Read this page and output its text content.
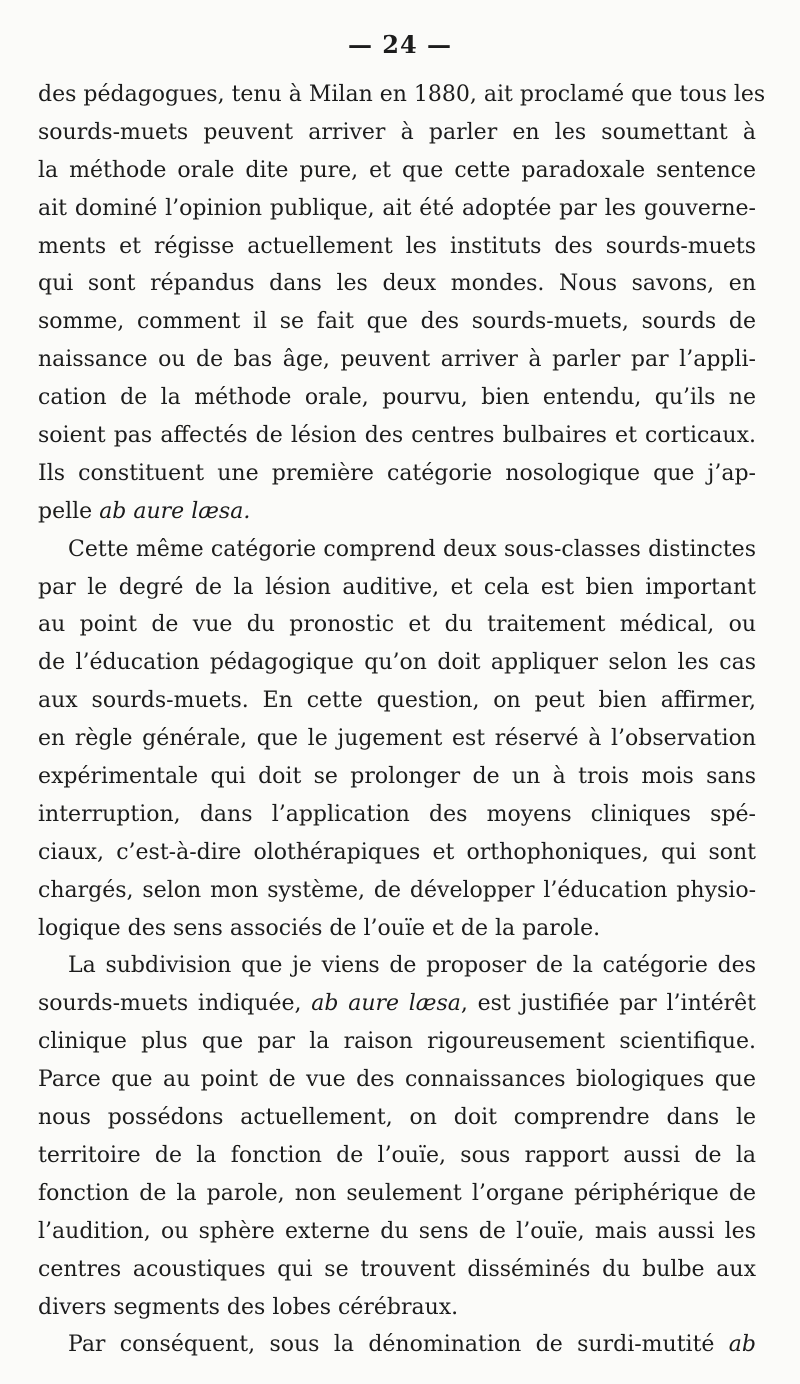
— 24 —
des pédagogues, tenu à Milan en 1880, ait proclamé que tous les
sourds-muets peuvent arriver à parler en les soumettant à
la méthode orale dite pure, et que cette paradoxale sentence
ait dominé l’opinion publique, ait été adoptée par les gouverne-
ments et régisse actuellement les instituts des sourds-muets
qui sont répandus dans les deux mondes. Nous savons, en
somme, comment il se fait que des sourds-muets, sourds de
naissance ou de bas âge, peuvent arriver à parler par l’appli-
cation de la méthode orale, pourvu, bien entendu, qu’ils ne
soient pas affectés de lésion des centres bulbaires et corticaux.
Ils constituent une première catégorie nosologique que j’ap-
pelle ab aure læsa.
Cette même catégorie comprend deux sous-classes distinctes
par le degré de la lésion auditive, et cela est bien important
au point de vue du pronostic et du traitement médical, ou
de l’éducation pédagogique qu’on doit appliquer selon les cas
aux sourds-muets. En cette question, on peut bien affirmer,
en règle générale, que le jugement est réservé à l’observation
expérimentale qui doit se prolonger de un à trois mois sans
interruption, dans l’application des moyens cliniques spé-
ciaux, c’est-à-dire olothérapiques et orthophoniques, qui sont
chargés, selon mon système, de développer l’éducation physio-
logique des sens associés de l’ouïe et de la parole.
La subdivision que je viens de proposer de la catégorie des
sourds-muets indiquée, ab aure læsa, est justifiée par l’intérêt
clinique plus que par la raison rigoureusement scientifique.
Parce que au point de vue des connaissances biologiques que
nous possédons actuellement, on doit comprendre dans le
territoire de la fonction de l’ouïe, sous rapport aussi de la
fonction de la parole, non seulement l’organe périphérique de
l’audition, ou sphère externe du sens de l’ouïe, mais aussi les
centres acoustiques qui se trouvent disséminés du bulbe aux
divers segments des lobes cérébraux.
Par conséquent, sous la dénomination de surdi-mutité ab
